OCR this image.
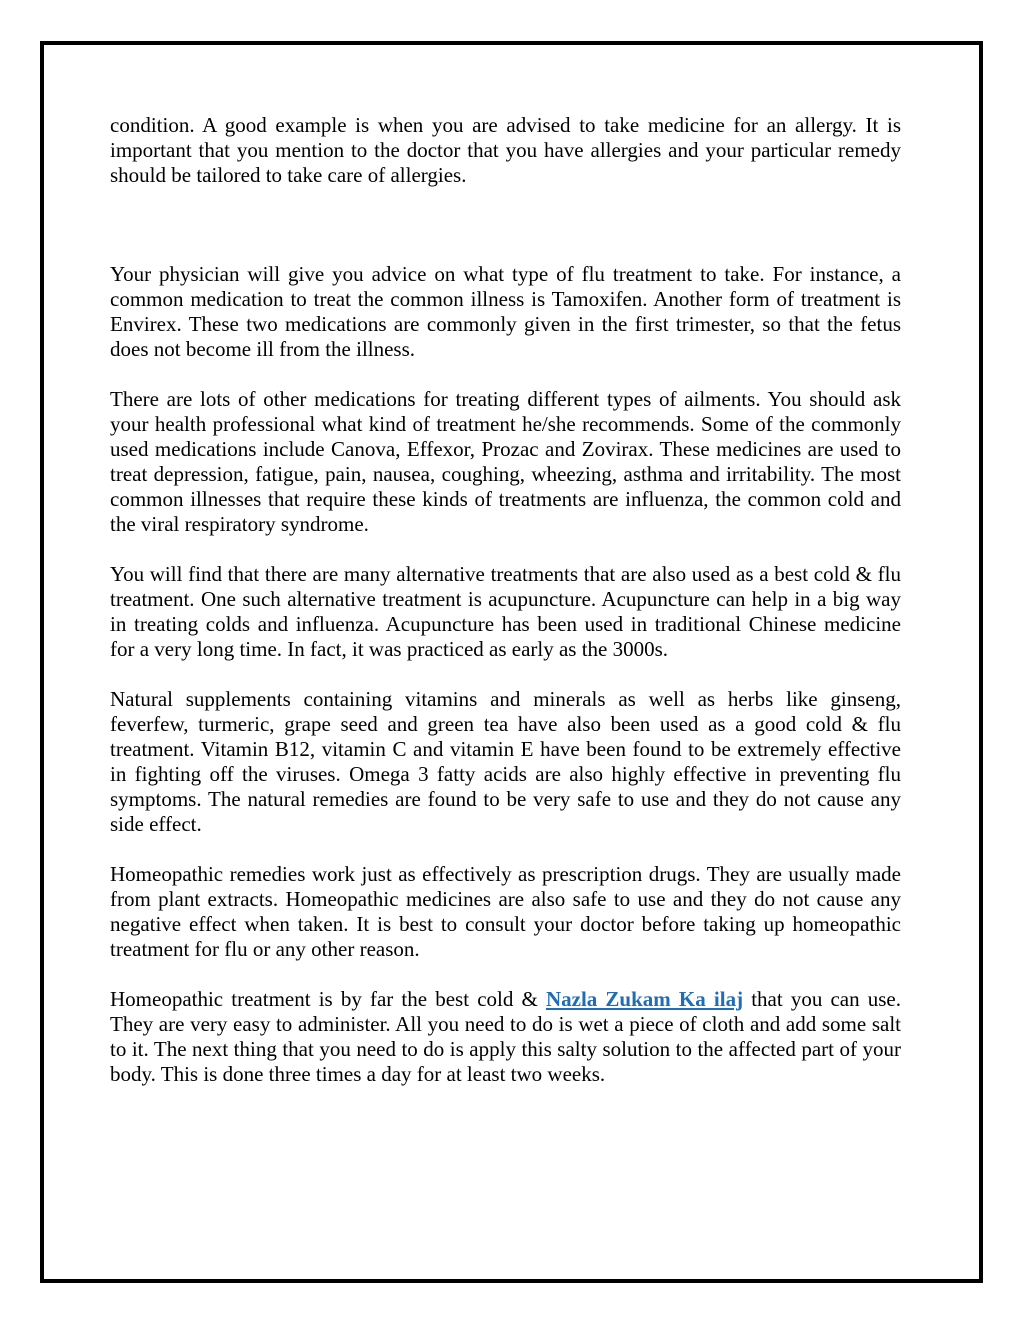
condition. A good example is when you are advised to take medicine for an allergy. It is important that you mention to the doctor that you have allergies and your particular remedy should be tailored to take care of allergies.

Your physician will give you advice on what type of flu treatment to take. For instance, a common medication to treat the common illness is Tamoxifen. Another form of treatment is Envirex. These two medications are commonly given in the first trimester, so that the fetus does not become ill from the illness.

There are lots of other medications for treating different types of ailments. You should ask your health professional what kind of treatment he/she recommends. Some of the commonly used medications include Canova, Effexor, Prozac and Zovirax. These medicines are used to treat depression, fatigue, pain, nausea, coughing, wheezing, asthma and irritability. The most common illnesses that require these kinds of treatments are influenza, the common cold and the viral respiratory syndrome.

You will find that there are many alternative treatments that are also used as a best cold & flu treatment. One such alternative treatment is acupuncture. Acupuncture can help in a big way in treating colds and influenza. Acupuncture has been used in traditional Chinese medicine for a very long time. In fact, it was practiced as early as the 3000s.

Natural supplements containing vitamins and minerals as well as herbs like ginseng, feverfew, turmeric, grape seed and green tea have also been used as a good cold & flu treatment. Vitamin B12, vitamin C and vitamin E have been found to be extremely effective in fighting off the viruses. Omega 3 fatty acids are also highly effective in preventing flu symptoms. The natural remedies are found to be very safe to use and they do not cause any side effect.

Homeopathic remedies work just as effectively as prescription drugs. They are usually made from plant extracts. Homeopathic medicines are also safe to use and they do not cause any negative effect when taken. It is best to consult your doctor before taking up homeopathic treatment for flu or any other reason.

Homeopathic treatment is by far the best cold & Nazla Zukam Ka ilaj that you can use. They are very easy to administer. All you need to do is wet a piece of cloth and add some salt to it. The next thing that you need to do is apply this salty solution to the affected part of your body. This is done three times a day for at least two weeks.
